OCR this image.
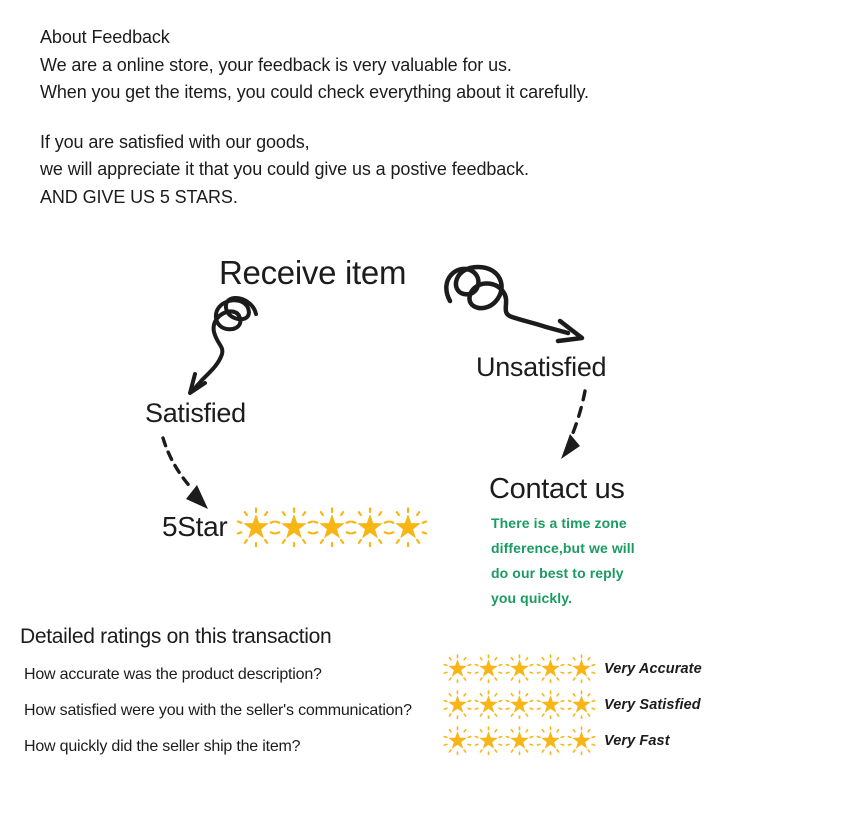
About Feedback
We are a online store, your feedback is very valuable for us.
When you get the items, you could check everything about it carefully.
If you are satisfied with our goods,
we will appreciate it that you could give us a postive feedback.
AND GIVE US 5 STARS.
Receive item
Satisfied
Unsatisfied
5Star
Contact us
There is a time zone
difference,but we will
do our best to reply
you quickly.
Detailed ratings on this transaction
How accurate was the product description?	Very Accurate
How satisfied were you with the seller's communication?	Very Satisfied
How quickly did the seller ship the item?	Very Fast
